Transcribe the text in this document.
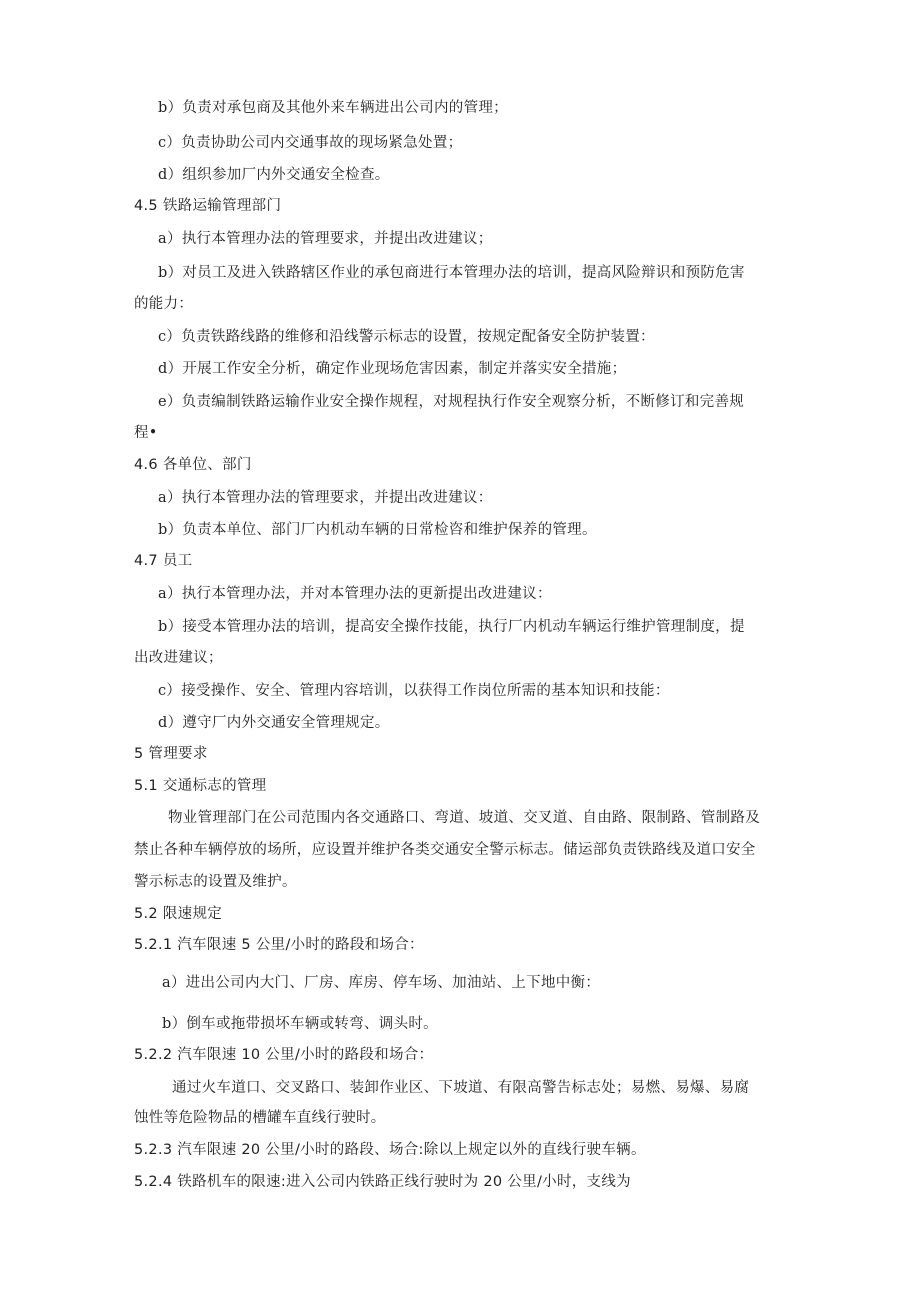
b）负责对承包商及其他外来车辆进出公司内的管理；
c）负责协助公司内交通事故的现场紧急处置；
d）组织参加厂内外交通安全检查。
4.5 铁路运输管理部门
a）执行本管理办法的管理要求，并提出改进建议；
b）对员工及进入铁路辖区作业的承包商进行本管理办法的培训，提高风险辩识和预防危害
的能力：
c）负责铁路线路的维修和沿线警示标志的设置，按规定配备安全防护装置：
d）开展工作安全分析，确定作业现场危害因素，制定并落实安全措施；
e）负责编制铁路运输作业安全操作规程，对规程执行作安全观察分析，不断修订和完善规
程•
4.6 各单位、部门
a）执行本管理办法的管理要求，并提出改进建议：
b）负责本单位、部门厂内机动车辆的日常检咨和维护保养的管理。
4.7 员工
a）执行本管理办法，并对本管理办法的更新提出改进建议：
b）接受本管理办法的培训，提高安全操作技能，执行厂内机动车辆运行维护管理制度，提
出改进建议；
c）接受操作、安全、管理内容培训，以获得工作岗位所需的基本知识和技能：
d）遵守厂内外交通安全管理规定。
5 管理要求
5.1 交通标志的管理
物业管理部门在公司范围内各交通路口、弯道、坡道、交叉道、自由路、限制路、管制路及
禁止各种车辆停放的场所，应设置并维护各类交通安全警示标志。储运部负责铁路线及道口安全
警示标志的设置及维护。
5.2 限速规定
5.2.1 汽车限速 5 公里/小时的路段和场合：
a）进出公司内大门、厂房、库房、停车场、加油站、上下地中衡：
b）倒车或拖带损坏车辆或转弯、调头时。
5.2.2 汽车限速 10 公里/小时的路段和场合：
通过火车道口、交叉路口、装卸作业区、下坡道、有限高警告标志处；易燃、易爆、易腐
蚀性等危险物品的槽罐车直线行驶时。
5.2.3 汽车限速 20 公里/小时的路段、场合:除以上规定以外的直线行驶车辆。
5.2.4 铁路机车的限速:进入公司内铁路正线行驶时为 20 公里/小时，支线为
